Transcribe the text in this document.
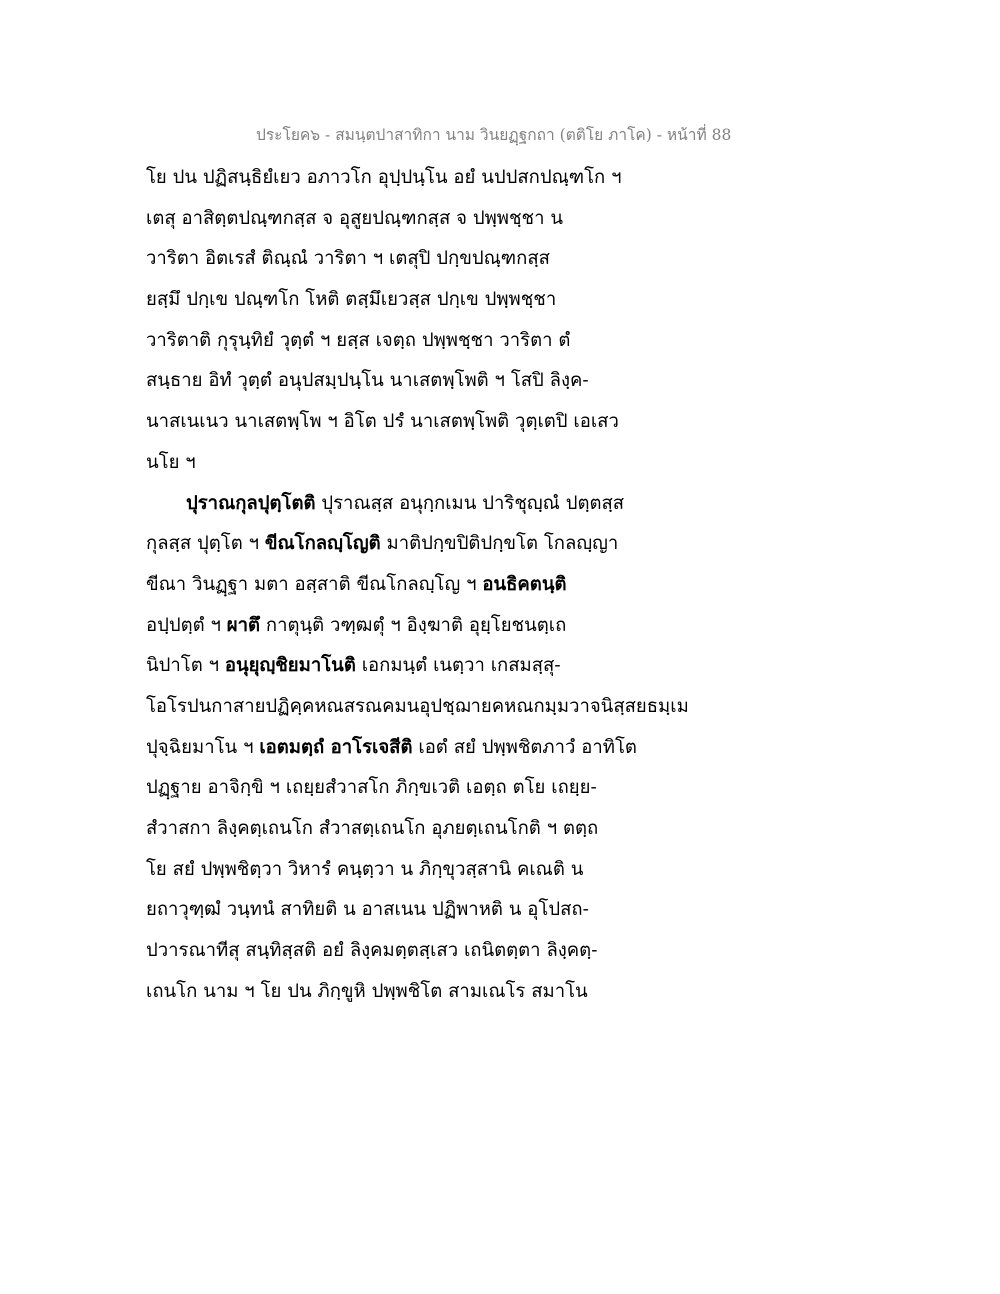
ประโยค๖ - สมนฺตปาสาทิกา นาม วินยฏฺฐกถา (ตติโย ภาโค) - หน้าที่ 88
โย ปน ปฏิสนฺธิยํเยว อภาวโก อุปฺปนฺโน อยํ นปปสกปณฺฑโก ฯ
เตสุ อาสิตฺตปณฺฑกสฺส จ อุสูยปณฺฑกสฺส จ ปพฺพชฺชา น
วาริตา อิตเรสํ ติณฺณํ วาริตา ฯ เตสุปิ ปกฺขปณฺฑกสฺส
ยสฺมึ ปกฺเข ปณฺฑโก โหติ ตสฺมึเยวสฺส ปกฺเข ปพฺพชฺชา
วาริตาติ กุรุนฺทิยํ วุตฺตํ ฯ ยสฺส เจตฺถ ปพฺพชฺชา วาริตา ตํ
สนฺธาย อิทํ วุตฺตํ อนุปสมฺปนฺโน นาเสตพฺโพติ ฯ โสปิ ลิงฺค-
นาสเนเนว นาเสตพฺโพ ฯ อิโต ปรํ นาเสตพฺโพติ วุตฺเตปิ เอเสว
นโย ฯ
ปุราณกุลปุตฺโตติ ปุราณสฺส อนุกฺกเมน ปาริชุญฺณํ ปตฺตสฺส
กุลสฺส ปุตฺโต ฯ ขีณโกลญฺโญติ มาติปกฺขปิติปกฺขโต โกลญฺญา
ขีณา วินฏฺฐา มตา อสฺสาติ ขีณโกลญฺโญ ฯ อนธิคตนฺติ
อปฺปตฺตํ ฯ ผาตึ กาตุนฺติ วฑฺฒตุํ ฯ อิงฺฆาติ อุยฺโยชนตฺเถ
นิปาโต ฯ อนุยุญฺชิยมาโนติ เอกมนฺตํ เนตฺวา เกสมสฺสุ-
โอโรปนกาสายปฏิคฺคหณสรณคมนอุปชฺฌายคหณกมฺมวาจนิสฺสยธมฺเม
ปุจฺฉิยมาโน ฯ เอตมตฺถํ อาโรเจสีติ เอตํ สยํ ปพฺพชิตภาวํ อาทิโต
ปฏฺฐาย อาจิกฺขิ ฯ เถยฺยสํวาสโก ภิกฺขเวติ เอตฺถ ตโย เถยฺย-
สํวาสกา ลิงฺคตฺเถนโก สํวาสตฺเถนโก อุภยตฺเถนโกติ ฯ ตตฺถ
โย สยํ ปพฺพชิตฺวา วิหารํ คนฺตฺวา น ภิกฺขุวสฺสานิ คเณติ น
ยถาวุฑฺฒํ วนฺทนํ สาทิยติ น อาสเนน ปฏิพาหติ น อุโปสถ-
ปวารณาทีสุ สนฺทิสฺสติ อยํ ลิงฺคมตฺตสฺเสว เถนิตตฺตา ลิงฺคตฺ-
เถนโก นาม ฯ โย ปน ภิกฺขูหิ ปพฺพชิโต สามเณโร สมาโน
